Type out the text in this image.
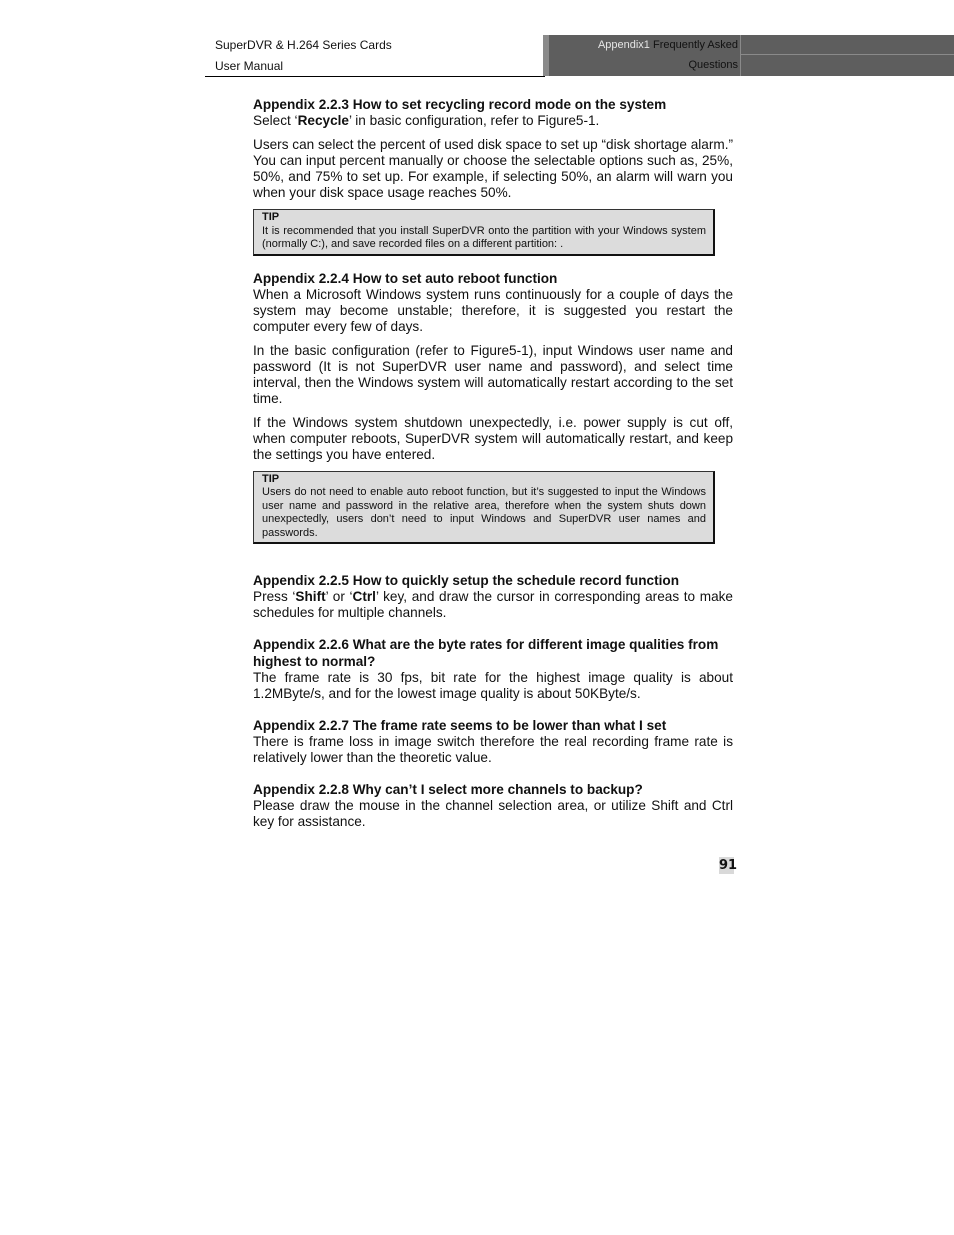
SuperDVR & H.264 Series Cards
User Manual
Appendix1 Frequently Asked
Questions
Appendix 2.2.3 How to set recycling record mode on the system

Select ‘Recycle’ in basic configuration, refer to Figure5-1.

Users can select the percent of used disk space to set up “disk shortage alarm.” You can input percent manually or choose the selectable options such as, 25%, 50%, and 75% to set up. For example, if selecting 50%, an alarm will warn you when your disk space usage reaches 50%.

TIP
It is recommended that you install SuperDVR onto the partition with your Windows system (normally C:), and save recorded files on a different partition: .
Appendix 2.2.4 How to set auto reboot function

When a Microsoft Windows system runs continuously for a couple of days the system may become unstable; therefore, it is suggested you restart the computer every few of days.

In the basic configuration (refer to Figure5-1), input Windows user name and password (It is not SuperDVR user name and password), and select time interval, then the Windows system will automatically restart according to the set time.

If the Windows system shutdown unexpectedly, i.e. power supply is cut off, when computer reboots, SuperDVR system will automatically restart, and keep the settings you have entered.

TIP
Users do not need to enable auto reboot function, but it’s suggested to input the Windows user name and password in the relative area, therefore when the system shuts down unexpectedly, users don’t need to input Windows and SuperDVR user names and passwords.
Appendix 2.2.5 How to quickly setup the schedule record function

Press ‘Shift’ or ‘Ctrl’ key, and draw the cursor in corresponding areas to make schedules for multiple channels.

Appendix 2.2.6 What are the byte rates for different image qualities from highest to normal?

The frame rate is 30 fps, bit rate for the highest image quality is about 1.2MByte/s, and for the lowest image quality is about 50KByte/s.

Appendix 2.2.7 The frame rate seems to be lower than what I set

There is frame loss in image switch therefore the real recording frame rate is relatively lower than the theoretic value.

Appendix 2.2.8 Why can’t I select more channels to backup?

Please draw the mouse in the channel selection area, or utilize Shift and Ctrl key for assistance.

91
